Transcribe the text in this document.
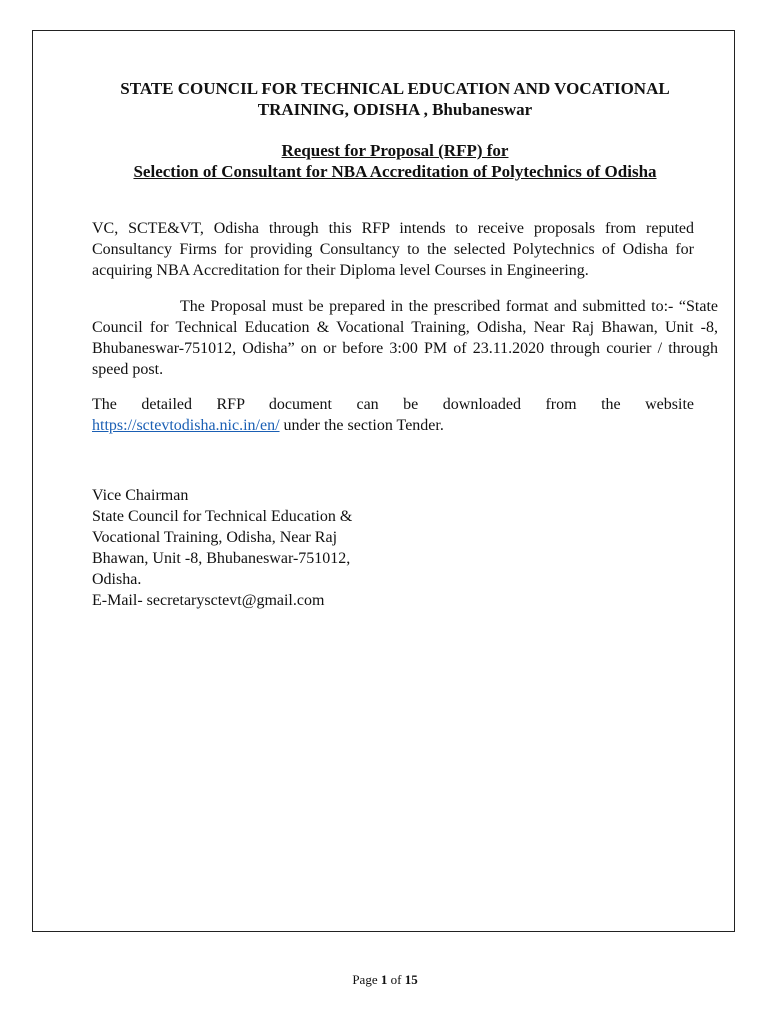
STATE COUNCIL FOR TECHNICAL EDUCATION AND VOCATIONAL
TRAINING, ODISHA , Bhubaneswar
Request for Proposal (RFP) for
Selection of Consultant for NBA Accreditation of Polytechnics of Odisha
VC, SCTE&VT, Odisha through this RFP intends to receive proposals from reputed Consultancy Firms for providing Consultancy to the selected Polytechnics of Odisha for acquiring NBA Accreditation for their Diploma level Courses in Engineering.
The Proposal must be prepared in the prescribed format and submitted to:- “State Council for Technical Education & Vocational Training, Odisha, Near Raj Bhawan, Unit -8, Bhubaneswar-751012, Odisha” on or before 3:00 PM of 23.11.2020 through courier / through speed post.
The detailed RFP document can be downloaded from the website
https://sctevtodisha.nic.in/en/ under the section Tender.
Vice Chairman
State Council for Technical Education &
Vocational Training, Odisha, Near Raj
Bhawan, Unit -8, Bhubaneswar-751012,
Odisha.
E-Mail- secretarysctevt@gmail.com
Page 1 of 15
